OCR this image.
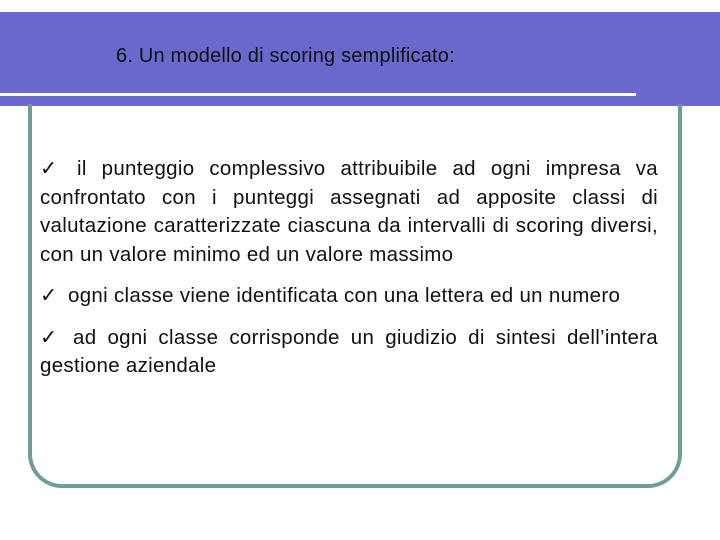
6. Un modello di scoring semplificato:

✓ il punteggio complessivo attribuibile ad ogni impresa va confrontato con i punteggi assegnati ad apposite classi di valutazione caratterizzate ciascuna da intervalli di scoring diversi, con un valore minimo ed un valore massimo

✓ ogni classe viene identificata con una lettera ed un numero

✓ ad ogni classe corrisponde un giudizio di sintesi dell’intera gestione aziendale
